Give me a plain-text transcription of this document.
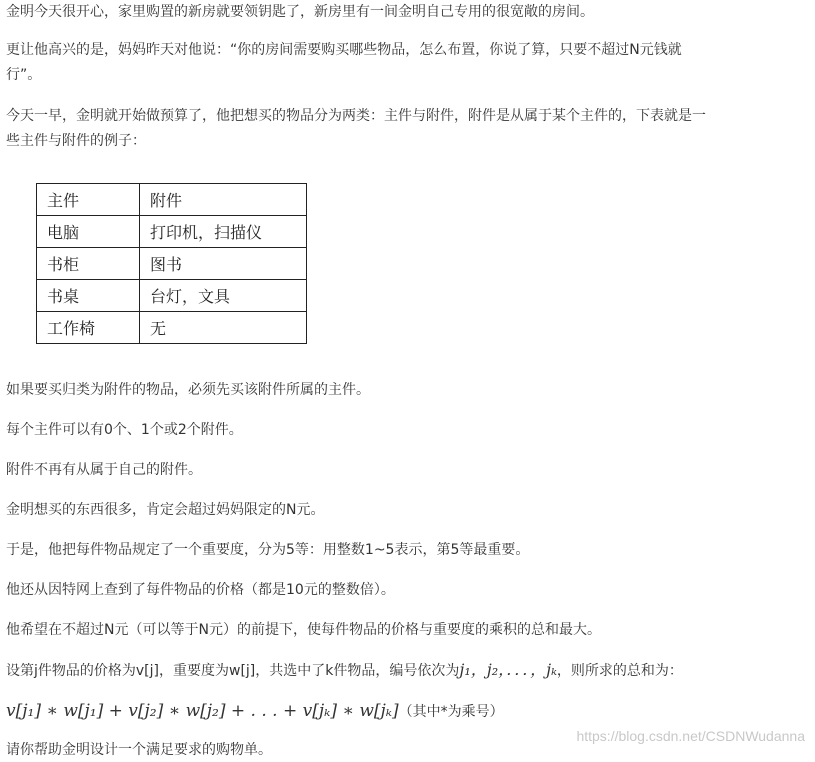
金明今天很开心，家里购置的新房就要领钥匙了，新房里有一间金明自己专用的很宽敞的房间。

更让他高兴的是，妈妈昨天对他说：“你的房间需要购买哪些物品，怎么布置，你说了算，只要不超过N元钱就

行”。

今天一早，金明就开始做预算了，他把想买的物品分为两类：主件与附件，附件是从属于某个主件的，下表就是一

些主件与附件的例子：

主件	附件
电脑	打印机，扫描仪
书柜	图书
书桌	台灯，文具
工作椅	无

如果要买归类为附件的物品，必须先买该附件所属的主件。

每个主件可以有0个、1个或2个附件。

附件不再有从属于自己的附件。

金明想买的东西很多，肯定会超过妈妈限定的N元。

于是，他把每件物品规定了一个重要度，分为5等：用整数1~5表示，第5等最重要。

他还从因特网上查到了每件物品的价格（都是10元的整数倍）。

他希望在不超过N元（可以等于N元）的前提下，使每件物品的价格与重要度的乘积的总和最大。

设第j件物品的价格为v[j]，重要度为w[j]，共选中了k件物品，编号依次为j₁，j₂，．．．，jₖ，则所求的总和为：

v[j₁] ∗ w[j₁] + v[j₂] ∗ w[j₂] + . . . + v[jₖ] ∗ w[jₖ]（其中*为乘号）

请你帮助金明设计一个满足要求的购物单。

https://blog.csdn.net/CSDNWudanna
